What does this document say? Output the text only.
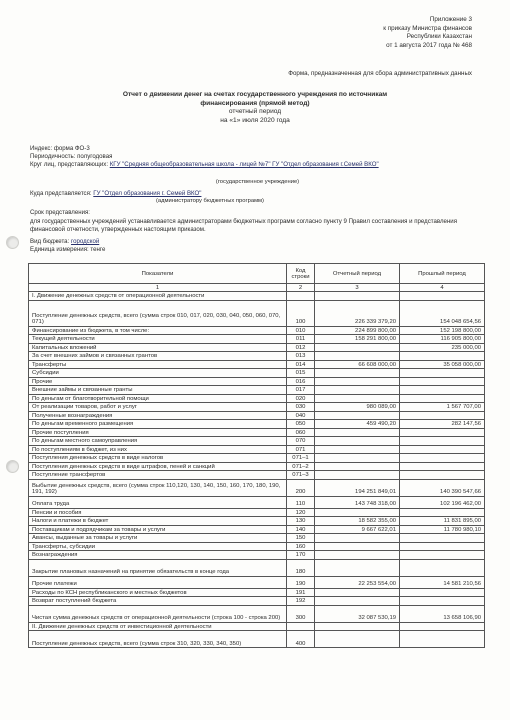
Приложение 3
к приказу Министра финансов
Республики Казахстан
от 1 августа 2017 года № 468
Форма, предназначенная для сбора административных данных
Отчет о движении денег на счетах государственного учреждения по источникам
финансирования (прямой метод)
отчетный период
на «1» июля 2020 года
Индекс: форма ФО-3
Периодичность: полугодовая
Круг лиц, представляющих: КГУ "Средняя общеобразовательная школа - лицей №7" ГУ "Отдел образования г.Семей ВКО"
(государственное учреждение)
Куда представляется: ГУ "Отдел образования г. Семей ВКО"
(администратору бюджетных программ)
Срок представления:
для государственных учреждений устанавливается администраторами бюджетных программ согласно пункту 9 Правил составления и представления финансовой отчетности, утвержденных настоящим приказом.
Вид бюджета: городской
Единица измерения: тенге
Показатели	Код строки	Отчетный период	Прошлый период
1	2	3	4
I. Движение денежных средств от операционной деятельности			
Поступление денежных средств, всего (сумма строк 010, 017, 020, 030, 040, 050, 060, 070, 071)	100	226 339 379,20	154 048 654,56
Финансирование из бюджета, в том числе:	010	224 899 800,00	152 198 800,00
Текущей деятельности	011	158 291 800,00	116 905 800,00
Капитальных вложений	012		235 000,00
За счет внешних займов и связанных грантов	013		
Трансферты	014	66 608 000,00	35 058 000,00
Субсидии	015		
Прочие	016		
Внешние займы и связанные гранты	017		
По деньгам от благотворительной помощи	020		
От реализации товаров, работ и услуг	030	980 089,00	1 567 707,00
Полученные вознаграждения	040		
По деньгам временного размещения	050	459 490,20	282 147,56
Прочие поступления	060		
По деньгам местного самоуправления	070		
По поступлениям в бюджет, из них	071		
Поступления денежных средств в виде налогов	071–1		
Поступления денежных средств в виде штрафов, пеней и санкций	071–2		
Поступление трансфертов	071–3		
Выбытие денежных средств, всего (сумма строк 110,120, 130, 140, 150, 160, 170, 180, 190, 191, 192)	200	194 251 849,01	140 390 547,66
Оплата труда	110	143 748 318,00	102 196 462,00
Пенсии и пособия	120		
Налоги и платежи в бюджет	130	18 582 355,00	11 831 895,00
Поставщикам и подрядчикам за товары и услуги	140	9 667 622,01	11 780 980,10
Авансы, выданные за товары и услуги	150		
Трансферты, субсидии	160		
Вознаграждения	170		
Закрытие плановых назначений на принятие обязательств в конце года	180		
Прочие платежи	190	22 253 554,00	14 581 210,56
Расходы по КСН республиканского и местных бюджетов	191		
Возврат поступлений бюджета	192		
Чистая сумма денежных средств от операционной деятельности (строка 100 - строка 200)	300	32 087 530,19	13 658 106,90
II. Движение денежных средств от инвестиционной деятельности			
Поступление денежных средств, всего (сумма строк 310, 320, 330, 340, 350)	400		
